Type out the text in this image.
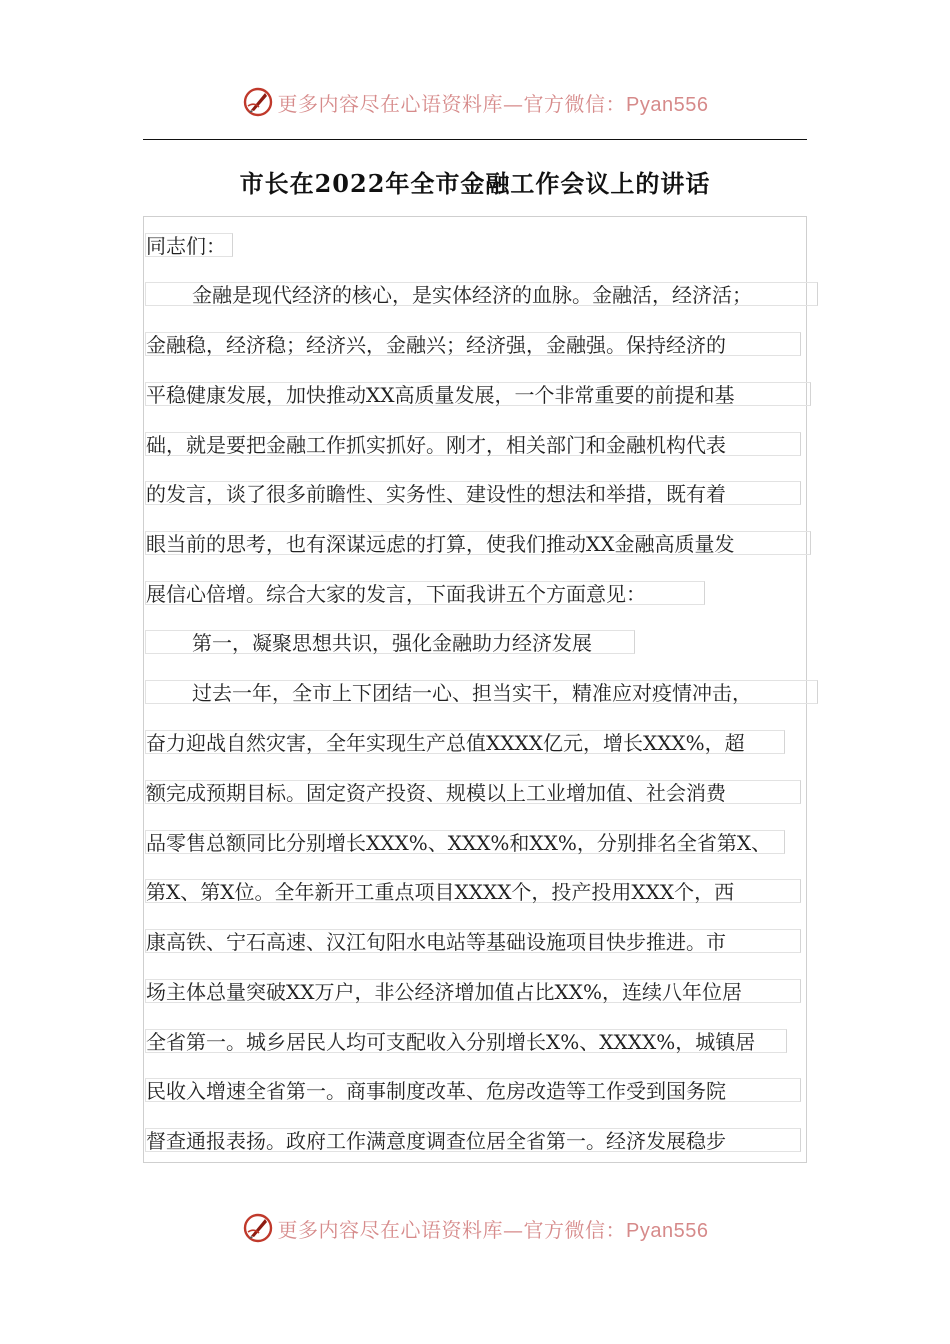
更多内容尽在心语资料库—官方微信：Pyan556
市长在2022年全市金融工作会议上的讲话
同志们：
金融是现代经济的核心，是实体经济的血脉。金融活，经济活；
金融稳，经济稳；经济兴，金融兴；经济强，金融强。保持经济的
平稳健康发展，加快推动XX高质量发展，一个非常重要的前提和基
础，就是要把金融工作抓实抓好。刚才，相关部门和金融机构代表
的发言，谈了很多前瞻性、实务性、建设性的想法和举措，既有着
眼当前的思考，也有深谋远虑的打算，使我们推动XX金融高质量发
展信心倍增。综合大家的发言，下面我讲五个方面意见：
第一，凝聚思想共识，强化金融助力经济发展
过去一年，全市上下团结一心、担当实干，精准应对疫情冲击，
奋力迎战自然灾害，全年实现生产总值XXXX亿元，增长XXX%，超
额完成预期目标。固定资产投资、规模以上工业增加值、社会消费
品零售总额同比分别增长XXX%、XXX%和XX%，分别排名全省第X、
第X、第X位。全年新开工重点项目XXXX个，投产投用XXX个，西
康高铁、宁石高速、汉江旬阳水电站等基础设施项目快步推进。市
场主体总量突破XX万户，非公经济增加值占比XX%，连续八年位居
全省第一。城乡居民人均可支配收入分别增长X%、XXXX%，城镇居
民收入增速全省第一。商事制度改革、危房改造等工作受到国务院
督查通报表扬。政府工作满意度调查位居全省第一。经济发展稳步
更多内容尽在心语资料库—官方微信：Pyan556
